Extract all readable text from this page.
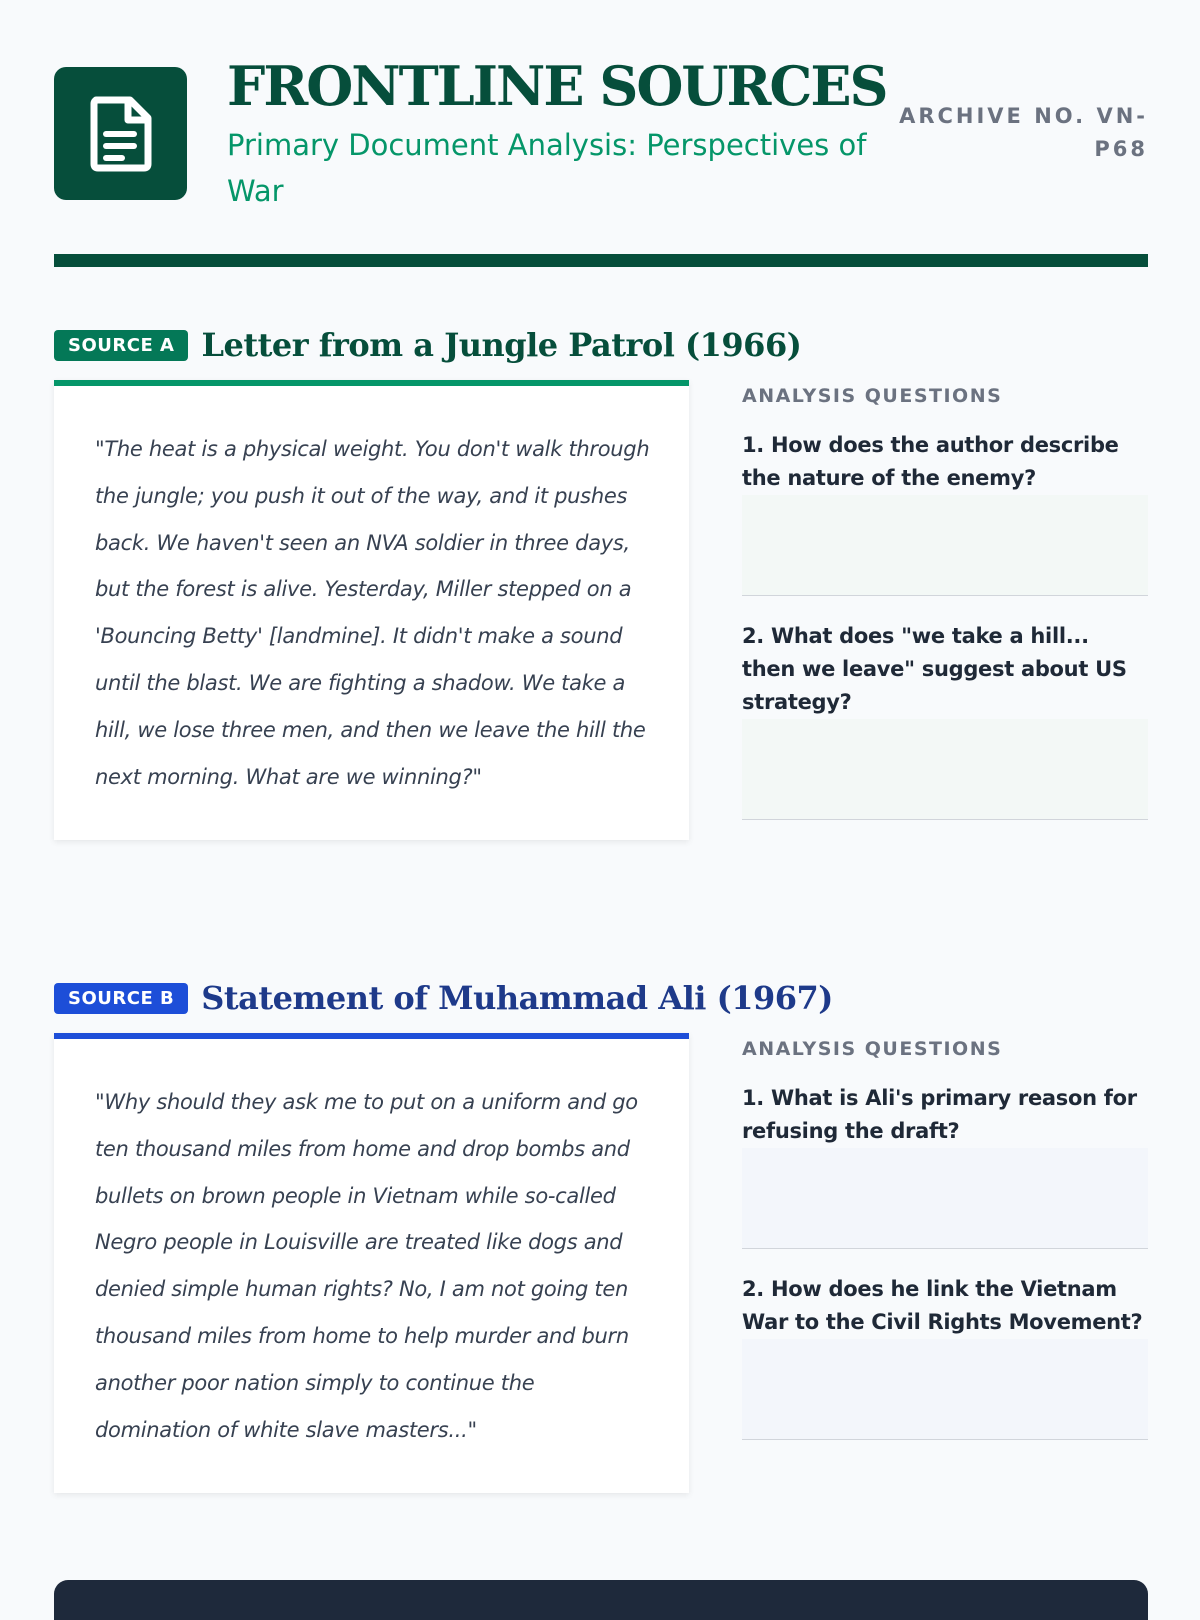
FRONTLINE SOURCES
Primary Document Analysis: Perspectives of War
ARCHIVE NO. VN-P68
SOURCE A Letter from a Jungle Patrol (1966)
"The heat is a physical weight. You don't walk through the jungle; you push it out of the way, and it pushes back. We haven't seen an NVA soldier in three days, but the forest is alive. Yesterday, Miller stepped on a 'Bouncing Betty' [landmine]. It didn't make a sound until the blast. We are fighting a shadow. We take a hill, we lose three men, and then we leave the hill the next morning. What are we winning?"
ANALYSIS QUESTIONS
1. How does the author describe the nature of the enemy?
2. What does "we take a hill... then we leave" suggest about US strategy?
SOURCE B Statement of Muhammad Ali (1967)
"Why should they ask me to put on a uniform and go ten thousand miles from home and drop bombs and bullets on brown people in Vietnam while so-called Negro people in Louisville are treated like dogs and denied simple human rights? No, I am not going ten thousand miles from home to help murder and burn another poor nation simply to continue the domination of white slave masters..."
ANALYSIS QUESTIONS
1. What is Ali's primary reason for refusing the draft?
2. How does he link the Vietnam War to the Civil Rights Movement?
